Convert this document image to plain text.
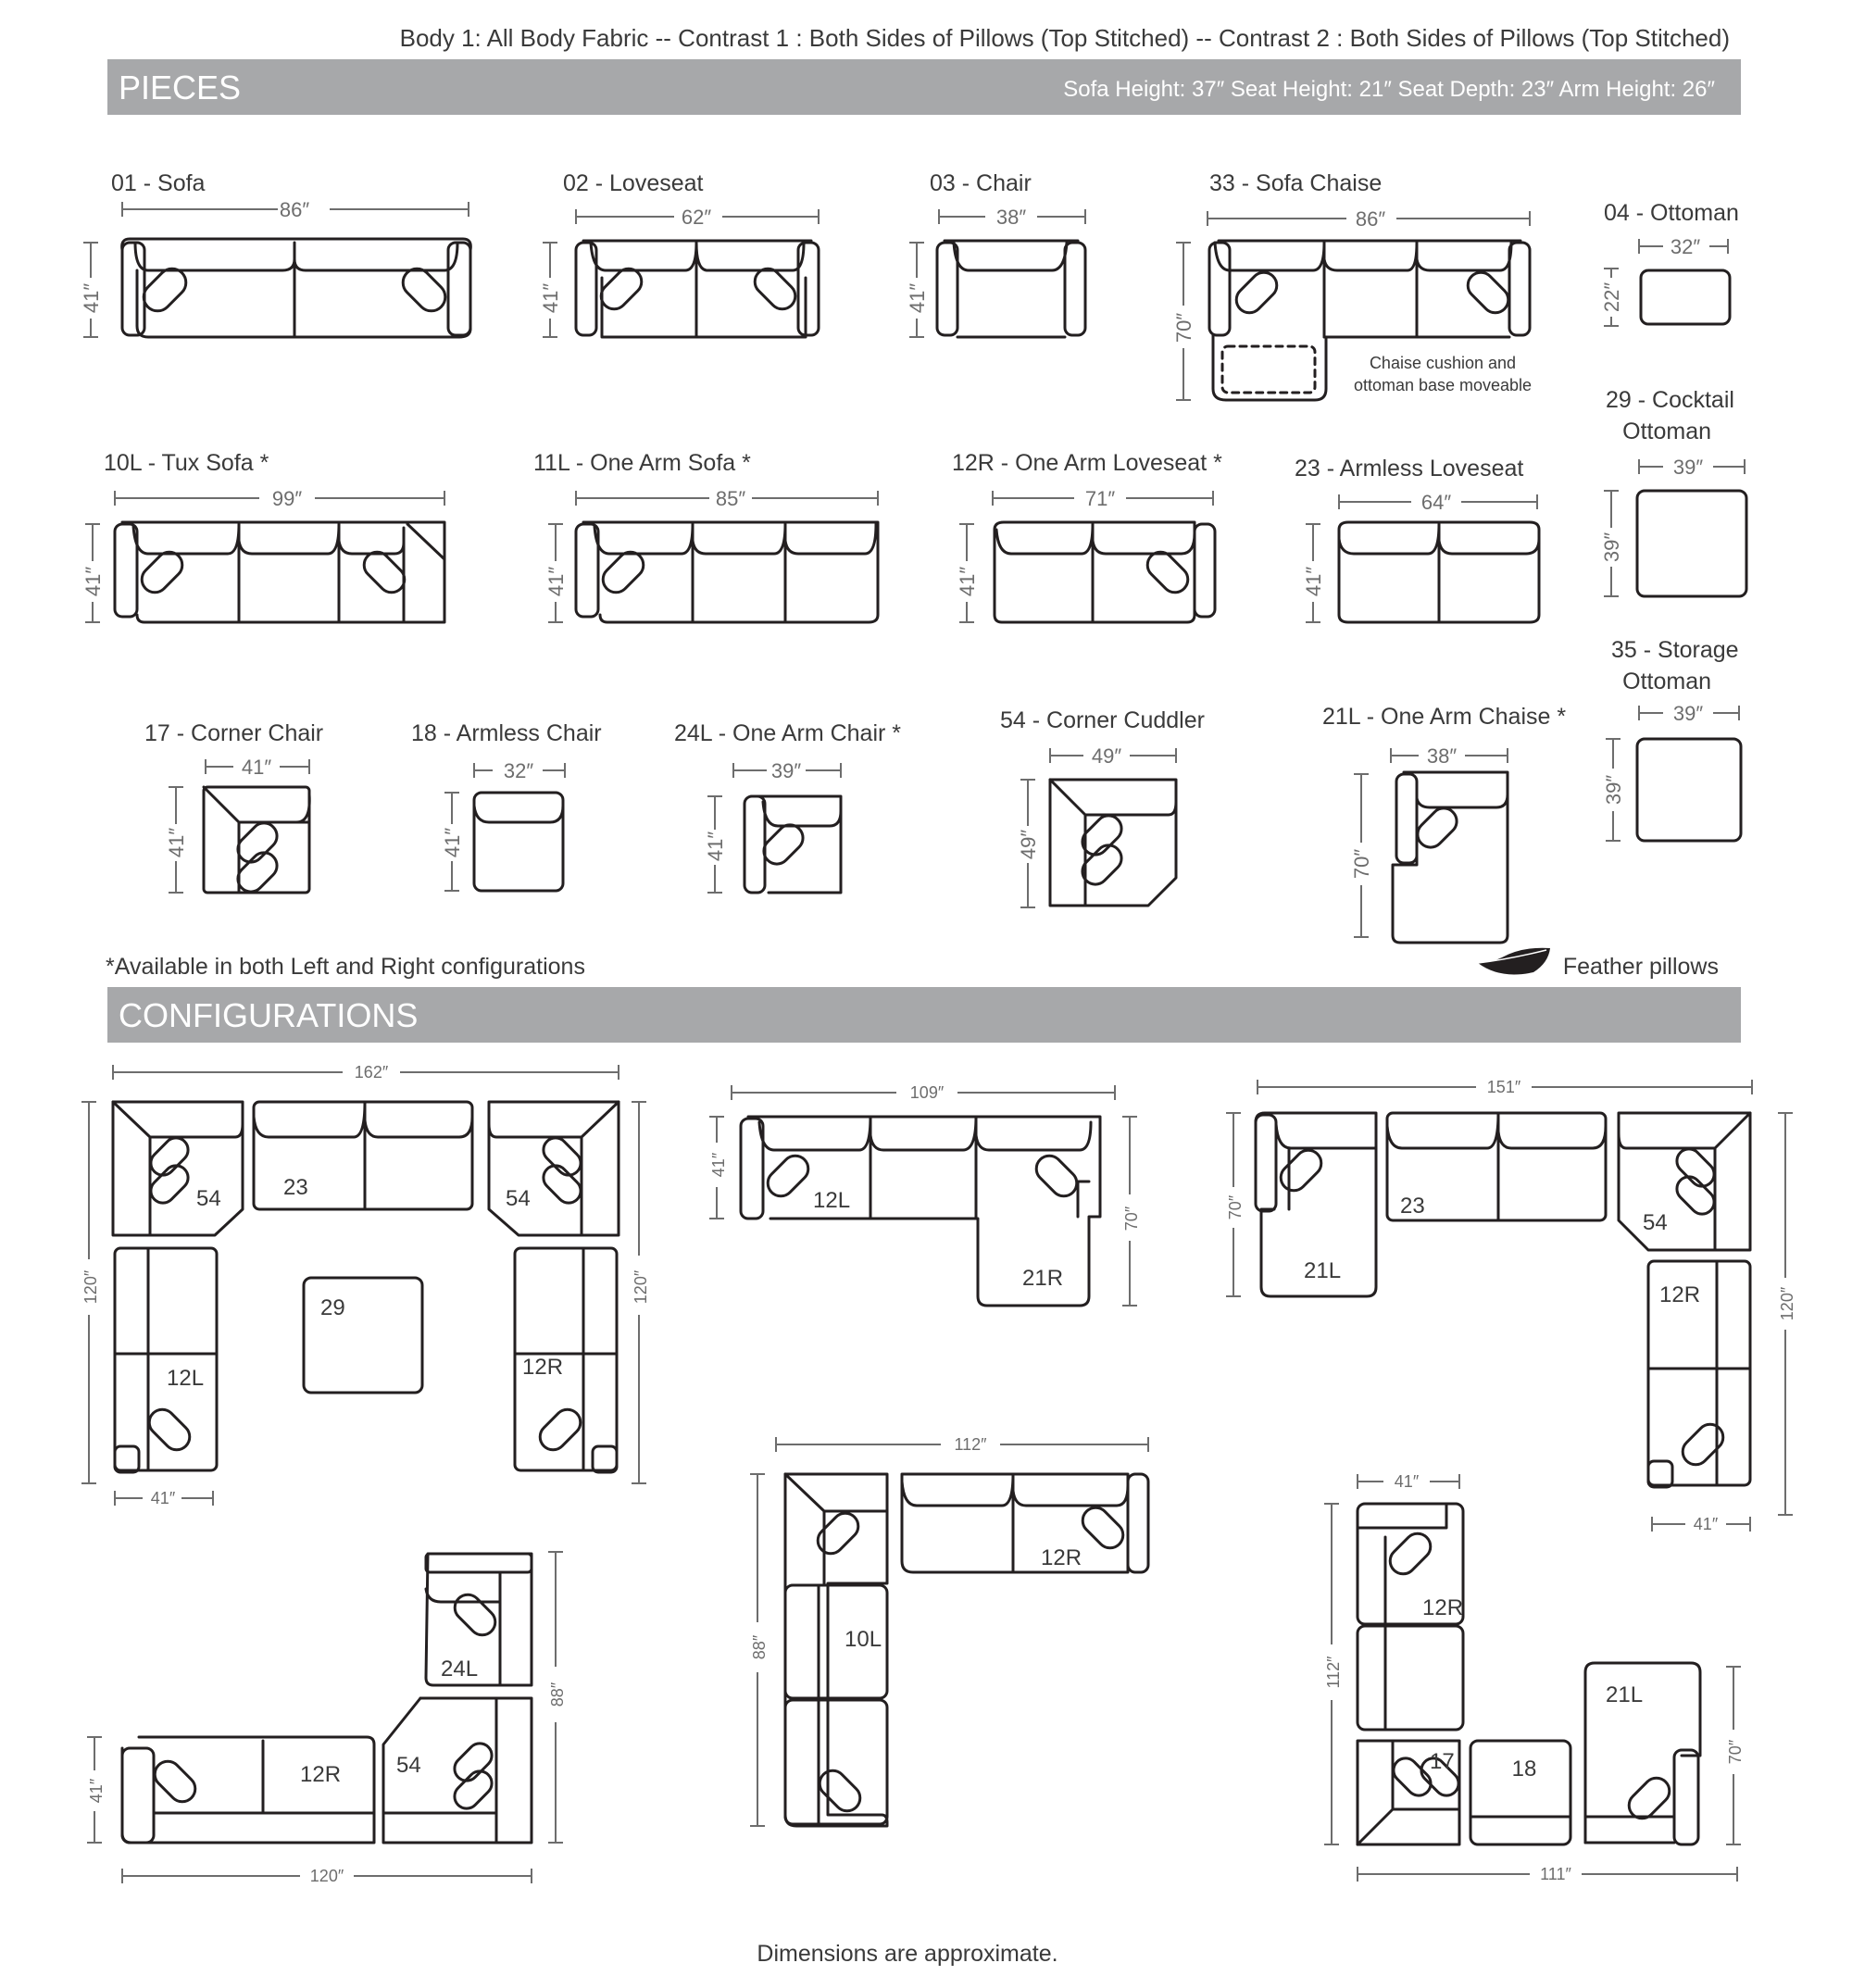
Body 1: All Body Fabric -- Contrast 1 : Both Sides of Pillows (Top Stitched) -- Contrast 2 : Both Sides of Pillows (Top Stitched)
PIECES	Sofa Height: 37″ Seat Height: 21″ Seat Depth: 23″ Arm Height: 26″
01 - Sofa	02 - Loveseat	03 - Chair	33 - Sofa Chaise
04 - Ottoman
10L - Tux Sofa *	11L - One Arm Sofa *	12R - One Arm Loveseat *	23 - Armless Loveseat
29 - Cocktail
Ottoman
35 - Storage
Ottoman
17 - Corner Chair	18 - Armless Chair	24L - One Arm Chair *	54 - Corner Cuddler	21L - One Arm Chaise *
86″
41″
62″
41″
38″
41″
86″
70″
32″
22″
99″
41″
85″
41″
71″
41″
64″
41″
39″
39″
39″
39″
41″
41″
32″
41″
39″
41″
49″
49″
38″
70″
Chaise cushion and
ottoman base moveable
*Available in both Left and Right configurations	Feather pillows
CONFIGURATIONS
54	23	54
12L	12R
29
12L
21R	21L
23
54
12R
24L
12R 54
12R
10L
12R
17	18
21L
162″
120″	120″
41″
109″
41″
70″
151″
70″
120″
41″
120″
41″
88″
112″
88″
111″
112″
70″
41″
Dimensions are approximate.
